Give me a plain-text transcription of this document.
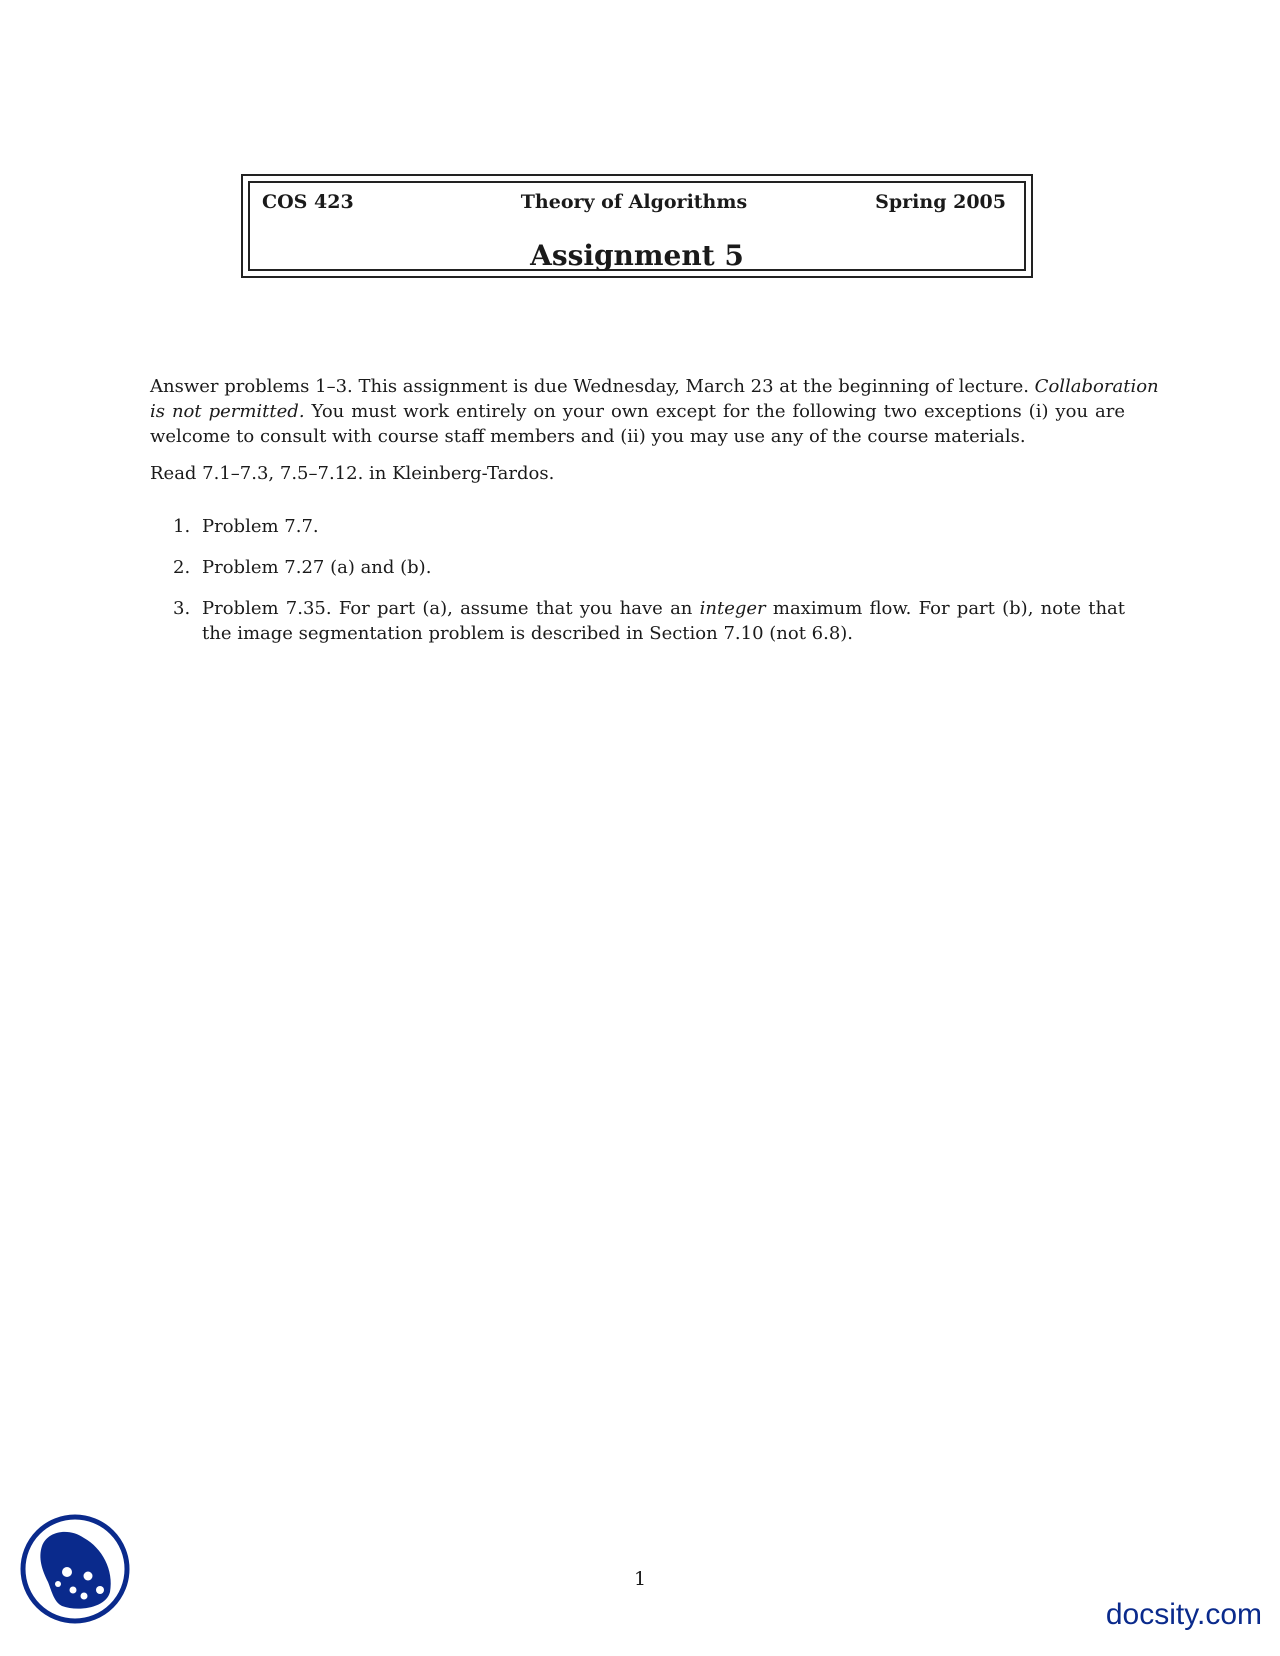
COS 423	Theory of Algorithms	Spring 2005
Assignment 5

Answer problems 1–3. This assignment is due Wednesday, March 23 at the beginning of lecture. Collaboration
is not permitted. You must work entirely on your own except for the following two exceptions (i) you are
welcome to consult with course staff members and (ii) you may use any of the course materials.

Read 7.1–7.3, 7.5–7.12. in Kleinberg-Tardos.

1. Problem 7.7.
2. Problem 7.27 (a) and (b).
3. Problem 7.35. For part (a), assume that you have an integer maximum flow. For part (b), note that
the image segmentation problem is described in Section 7.10 (not 6.8).
1
docsity.com
